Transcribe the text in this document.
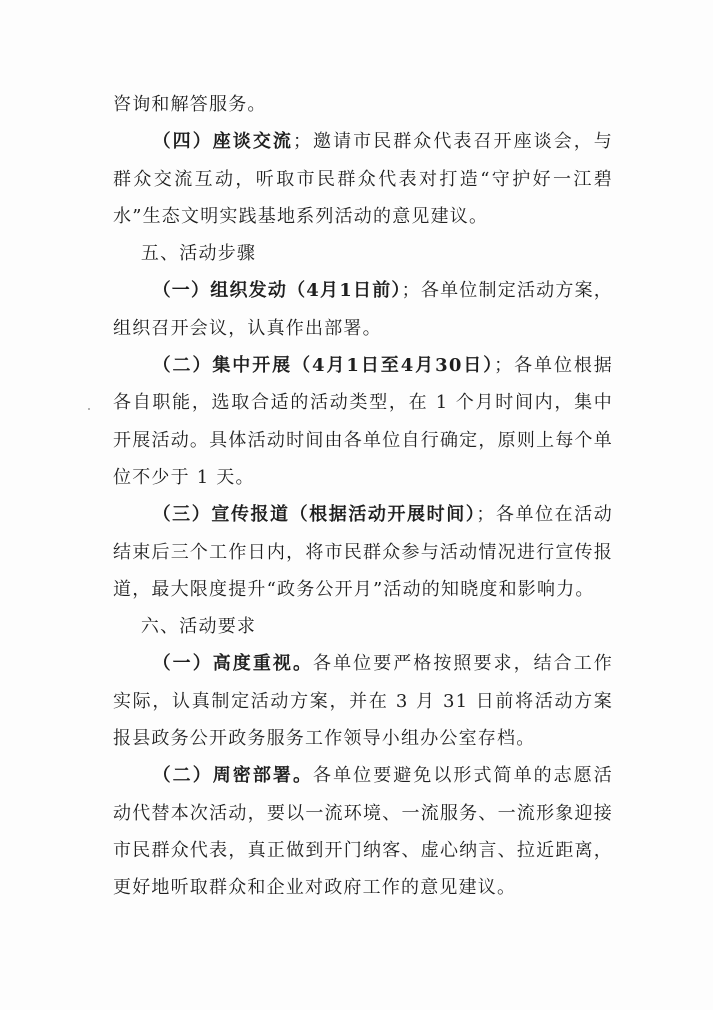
咨询和解答服务。

（四）座谈交流；邀请市民群众代表召开座谈会，与群众交流互动，听取市民群众代表对打造“守护好一江碧水”生态文明实践基地系列活动的意见建议。

五、活动步骤

（一）组织发动（4月1日前）；各单位制定活动方案，组织召开会议，认真作出部署。

（二）集中开展（4月1日至4月30日）；各单位根据各自职能，选取合适的活动类型，在 1 个月时间内，集中开展活动。具体活动时间由各单位自行确定，原则上每个单位不少于 1 天。

（三）宣传报道（根据活动开展时间）；各单位在活动结束后三个工作日内，将市民群众参与活动情况进行宣传报道，最大限度提升“政务公开月”活动的知晓度和影响力。

六、活动要求

（一）高度重视。各单位要严格按照要求，结合工作实际，认真制定活动方案，并在 3 月 31 日前将活动方案报县政务公开政务服务工作领导小组办公室存档。

（二）周密部署。各单位要避免以形式简单的志愿活动代替本次活动，要以一流环境、一流服务、一流形象迎接市民群众代表，真正做到开门纳客、虚心纳言、拉近距离，更好地听取群众和企业对政府工作的意见建议。
